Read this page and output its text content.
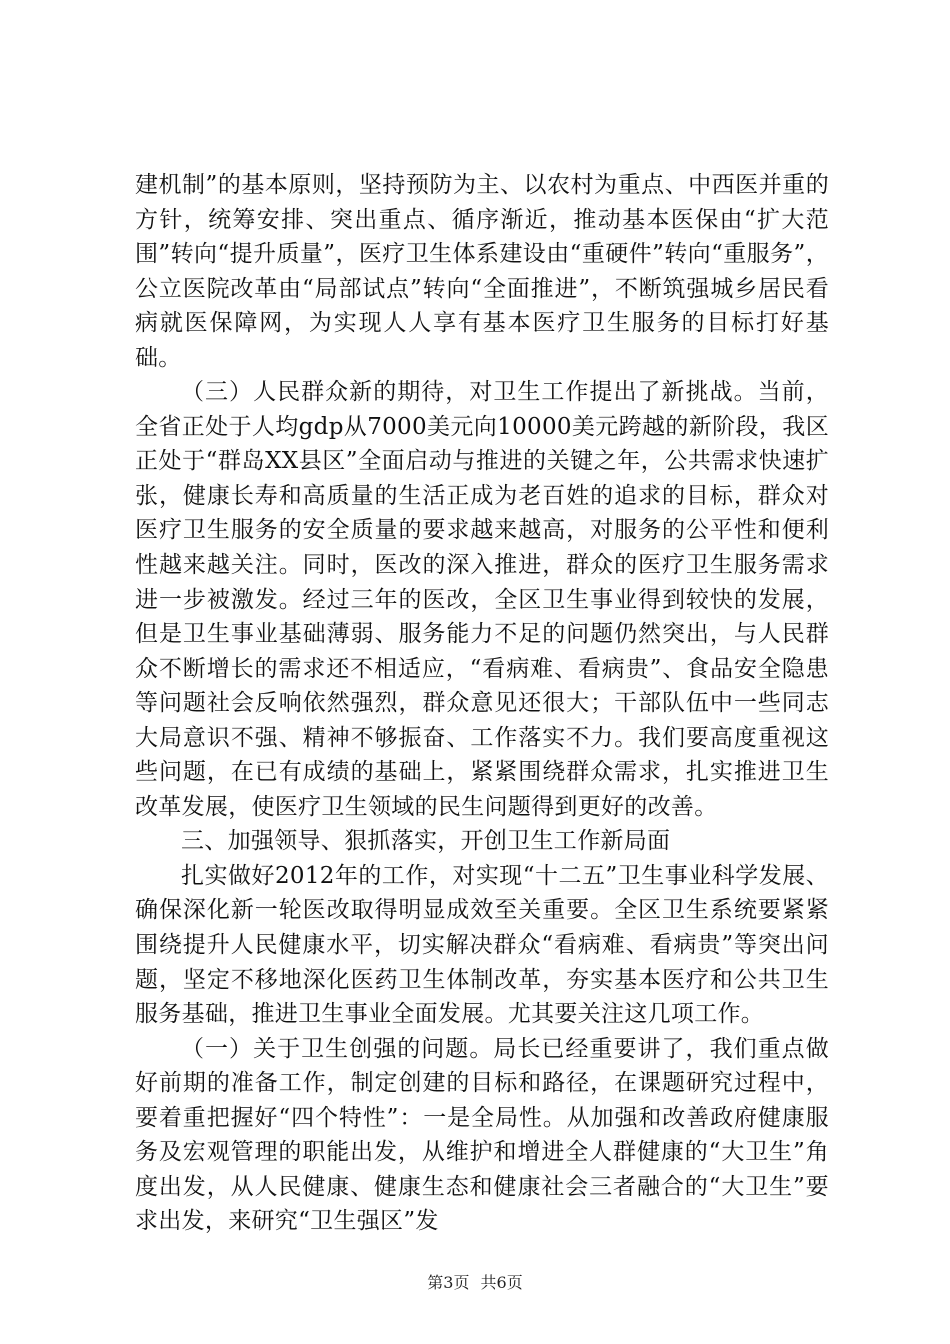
建机制”的基本原则，坚持预防为主、以农村为重点、中西医并重的方针，统筹安排、突出重点、循序渐近，推动基本医保由“扩大范围”转向“提升质量”，医疗卫生体系建设由“重硬件”转向“重服务”，公立医院改革由“局部试点”转向“全面推进”，不断筑强城乡居民看病就医保障网，为实现人人享有基本医疗卫生服务的目标打好基础。

（三）人民群众新的期待，对卫生工作提出了新挑战。当前，全省正处于人均gdp从7000美元向10000美元跨越的新阶段，我区正处于“群岛XX县区”全面启动与推进的关键之年，公共需求快速扩张，健康长寿和高质量的生活正成为老百姓的追求的目标，群众对医疗卫生服务的安全质量的要求越来越高，对服务的公平性和便利性越来越关注。同时，医改的深入推进，群众的医疗卫生服务需求进一步被激发。经过三年的医改，全区卫生事业得到较快的发展，但是卫生事业基础薄弱、服务能力不足的问题仍然突出，与人民群众不断增长的需求还不相适应，“看病难、看病贵”、食品安全隐患等问题社会反响依然强烈，群众意见还很大；干部队伍中一些同志大局意识不强、精神不够振奋、工作落实不力。我们要高度重视这些问题，在已有成绩的基础上，紧紧围绕群众需求，扎实推进卫生改革发展，使医疗卫生领域的民生问题得到更好的改善。

三、加强领导、狠抓落实，开创卫生工作新局面

扎实做好2012年的工作，对实现“十二五”卫生事业科学发展、确保深化新一轮医改取得明显成效至关重要。全区卫生系统要紧紧围绕提升人民健康水平，切实解决群众“看病难、看病贵”等突出问题，坚定不移地深化医药卫生体制改革，夯实基本医疗和公共卫生服务基础，推进卫生事业全面发展。尤其要关注这几项工作。

（一）关于卫生创强的问题。局长已经重要讲了，我们重点做好前期的准备工作，制定创建的目标和路径，在课题研究过程中，要着重把握好“四个特性”：一是全局性。从加强和改善政府健康服务及宏观管理的职能出发，从维护和增进全人群健康的“大卫生”角度出发，从人民健康、健康生态和健康社会三者融合的“大卫生”要求出发，来研究“卫生强区”发

第3页 共6页
